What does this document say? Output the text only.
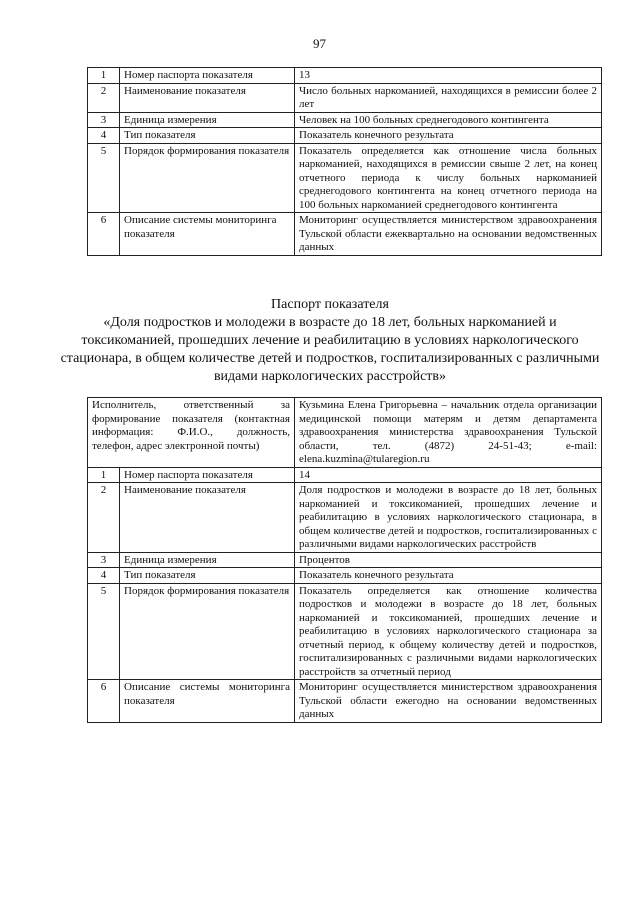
97
1	Номер паспорта показателя	13
2	Наименование показателя	Число больных наркоманией, находящихся в ремиссии более 2 лет
3	Единица измерения	Человек на 100 больных среднегодового контингента
4	Тип показателя	Показатель конечного результата
5	Порядок формирования показателя	Показатель определяется как отношение числа больных наркоманией, находящихся в ремиссии свыше 2 лет, на конец отчетного периода к числу больных наркоманией среднегодового контингента на конец отчетного периода на 100 больных наркоманией среднегодового контингента
6	Описание системы мониторинга показателя	Мониторинг осуществляется министерством здравоохранения Тульской области ежеквартально на основании ведомственных данных
Паспорт показателя
«Доля подростков и молодежи в возрасте до 18 лет, больных наркоманией и токсикоманией, прошедших лечение и реабилитацию в условиях наркологического стационара, в общем количестве детей и подростков, госпитализированных с различными видами наркологических расстройств»
Исполнитель, ответственный за формирование показателя (контактная информация: Ф.И.О., должность, телефон, адрес электронной почты)		Кузьмина Елена Григорьевна – начальник отдела организации медицинской помощи матерям и детям департамента здравоохранения министерства здравоохранения Тульской области, тел. (4872) 24-51-43; e-mail: elena.kuzmina@tularegion.ru
1	Номер паспорта показателя	14
2	Наименование показателя	Доля подростков и молодежи в возрасте до 18 лет, больных наркоманией и токсикоманией, прошедших лечение и реабилитацию в условиях наркологического стационара, в общем количестве детей и подростков, госпитализированных с различными видами наркологических расстройств
3	Единица измерения	Процентов
4	Тип показателя	Показатель конечного результата
5	Порядок формирования показателя	Показатель определяется как отношение количества подростков и молодежи в возрасте до 18 лет, больных наркоманией и токсикоманией, прошедших лечение и реабилитацию в условиях наркологического стационара за отчетный период, к общему количеству детей и подростков, госпитализированных с различными видами наркологических расстройств за отчетный период
6	Описание системы мониторинга показателя	Мониторинг осуществляется министерством здравоохранения Тульской области ежегодно на основании ведомственных данных
